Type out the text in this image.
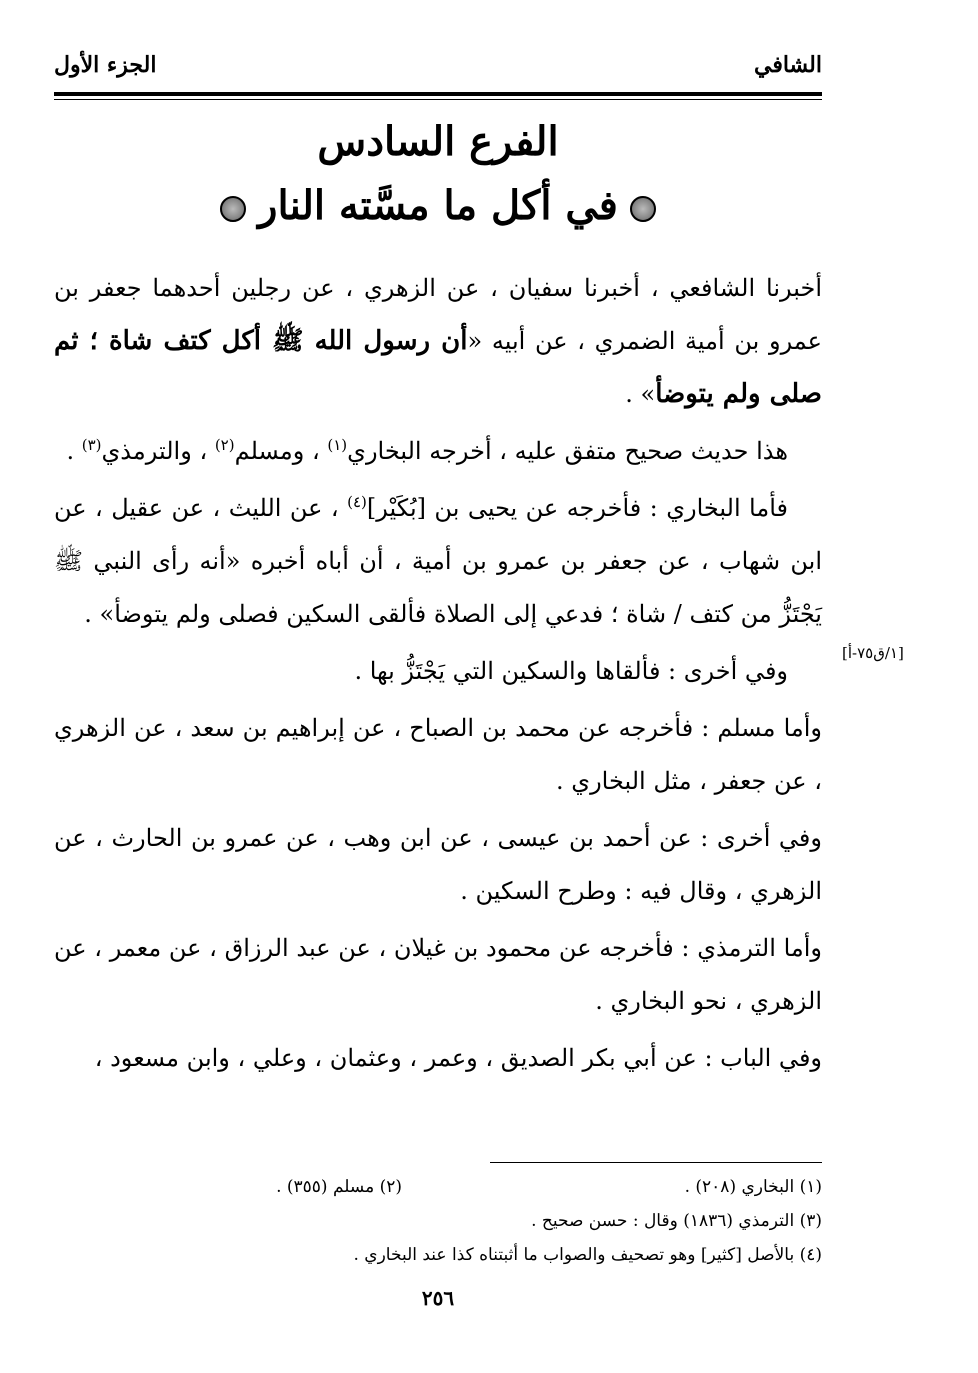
الشافي
الجزء الأول
الفرع السادس
في أكل ما مسَّته النار

أخبرنا الشافعي ، أخبرنا سفيان ، عن الزهري ، عن رجلين أحدهما جعفر بن عمرو بن أمية الضمري ، عن أبيه «أن رسول الله ﷺ أكل كتف شاة ؛ ثم صلى ولم يتوضأ» .

هذا حديث صحيح متفق عليه ، أخرجه البخاري$^{(١)}$ ، ومسلم$^{(٢)}$ ، والترمذي$^{(٣)}$ .

فأما البخاري : فأخرجه عن يحيى بن [بُكَيْر]$^{(٤)}$ ، عن الليث ، عن عقيل ، عن ابن شهاب ، عن جعفر بن عمرو بن أمية ، أن أباه أخبره «أنه رأى النبي ﷺ يَجْتَزُّ من كتف / شاة ؛ فدعي إلى الصلاة فألقى السكين فصلى ولم يتوضأ» .

وفي أخرى : فألقاها والسكين التي يَجْتَزُّ بها .

وأما مسلم : فأخرجه عن محمد بن الصباح ، عن إبراهيم بن سعد ، عن الزهري ، عن جعفر ، مثل البخاري .

وفي أخرى : عن أحمد بن عيسى ، عن ابن وهب ، عن عمرو بن الحارث ، عن الزهري ، وقال فيه : وطرح السكين .

وأما الترمذي : فأخرجه عن محمود بن غيلان ، عن عبد الرزاق ، عن معمر ، عن الزهري ، نحو البخاري .

وفي الباب : عن أبي بكر الصديق ، وعمر ، وعثمان ، وعلي ، وابن مسعود ،

[١/ق٧٥-أ]
(١) البخاري (٢٠٨) .
(٢) مسلم (٣٥٥) .
(٣) الترمذي (١٨٣٦) وقال : حسن صحيح .
(٤) بالأصل [كثير] وهو تصحيف والصواب ما أثبتناه كذا عند البخاري .
٢٥٦
